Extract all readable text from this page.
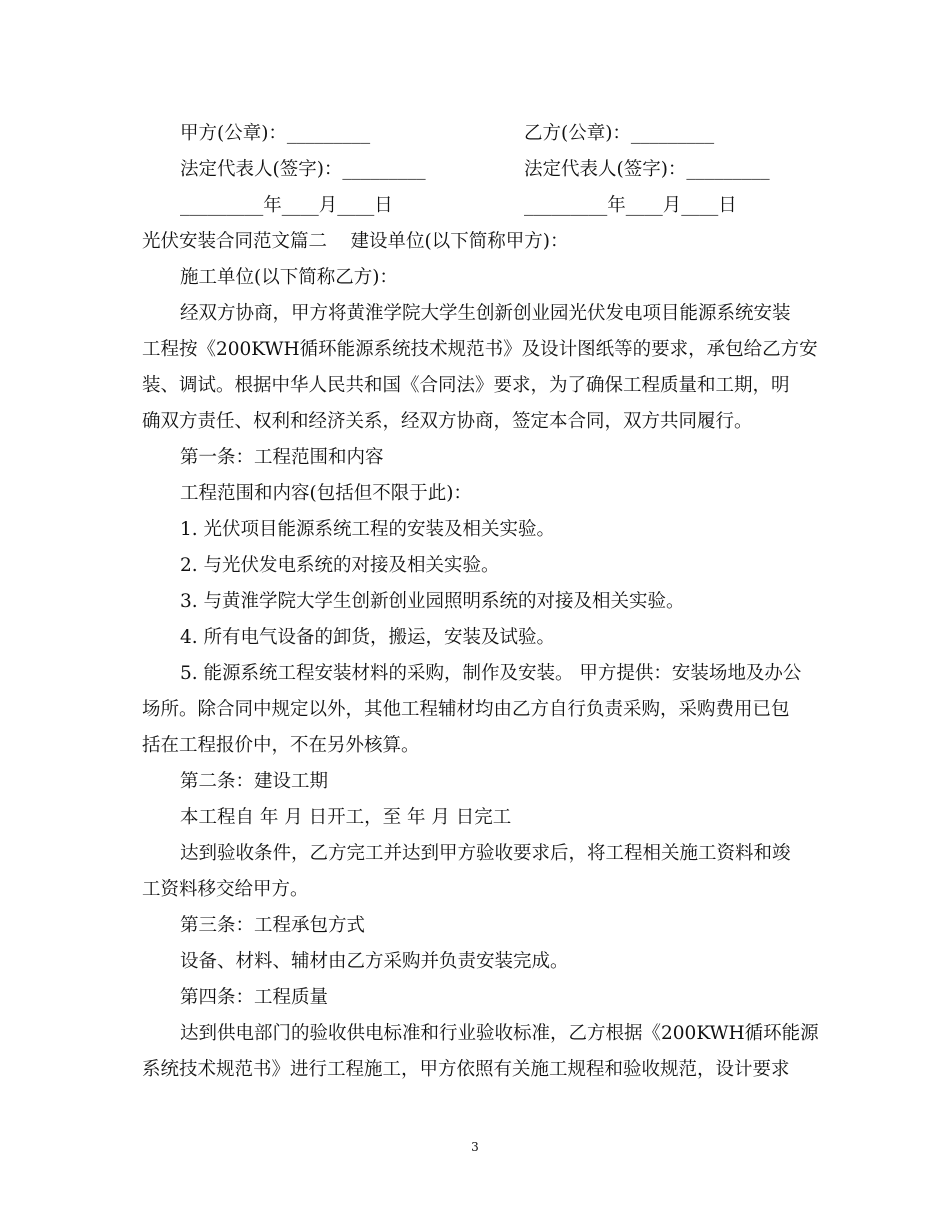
甲方(公章)：_________	乙方(公章)：_________
法定代表人(签字)：_________	法定代表人(签字)：_________
_________年____月____日	_________年____月____日
光伏安装合同范文篇二    建设单位(以下简称甲方)：
施工单位(以下简称乙方)：
经双方协商，甲方将黄淮学院大学生创新创业园光伏发电项目能源系统安装
工程按《200KWH循环能源系统技术规范书》及设计图纸等的要求，承包给乙方安
装、调试。根据中华人民共和国《合同法》要求，为了确保工程质量和工期，明
确双方责任、权利和经济关系，经双方协商，签定本合同，双方共同履行。
第一条：工程范围和内容
工程范围和内容(包括但不限于此)：
1. 光伏项目能源系统工程的安装及相关实验。
2. 与光伏发电系统的对接及相关实验。
3. 与黄淮学院大学生创新创业园照明系统的对接及相关实验。
4. 所有电气设备的卸货，搬运，安装及试验。
5. 能源系统工程安装材料的采购，制作及安装。 甲方提供：安装场地及办公
场所。除合同中规定以外，其他工程辅材均由乙方自行负责采购，采购费用已包
括在工程报价中，不在另外核算。
第二条：建设工期
本工程自 年 月 日开工，至 年 月 日完工
达到验收条件，乙方完工并达到甲方验收要求后，将工程相关施工资料和竣
工资料移交给甲方。
第三条：工程承包方式
设备、材料、辅材由乙方采购并负责安装完成。
第四条：工程质量
达到供电部门的验收供电标准和行业验收标准，乙方根据《200KWH循环能源
系统技术规范书》进行工程施工，甲方依照有关施工规程和验收规范，设计要求
3
